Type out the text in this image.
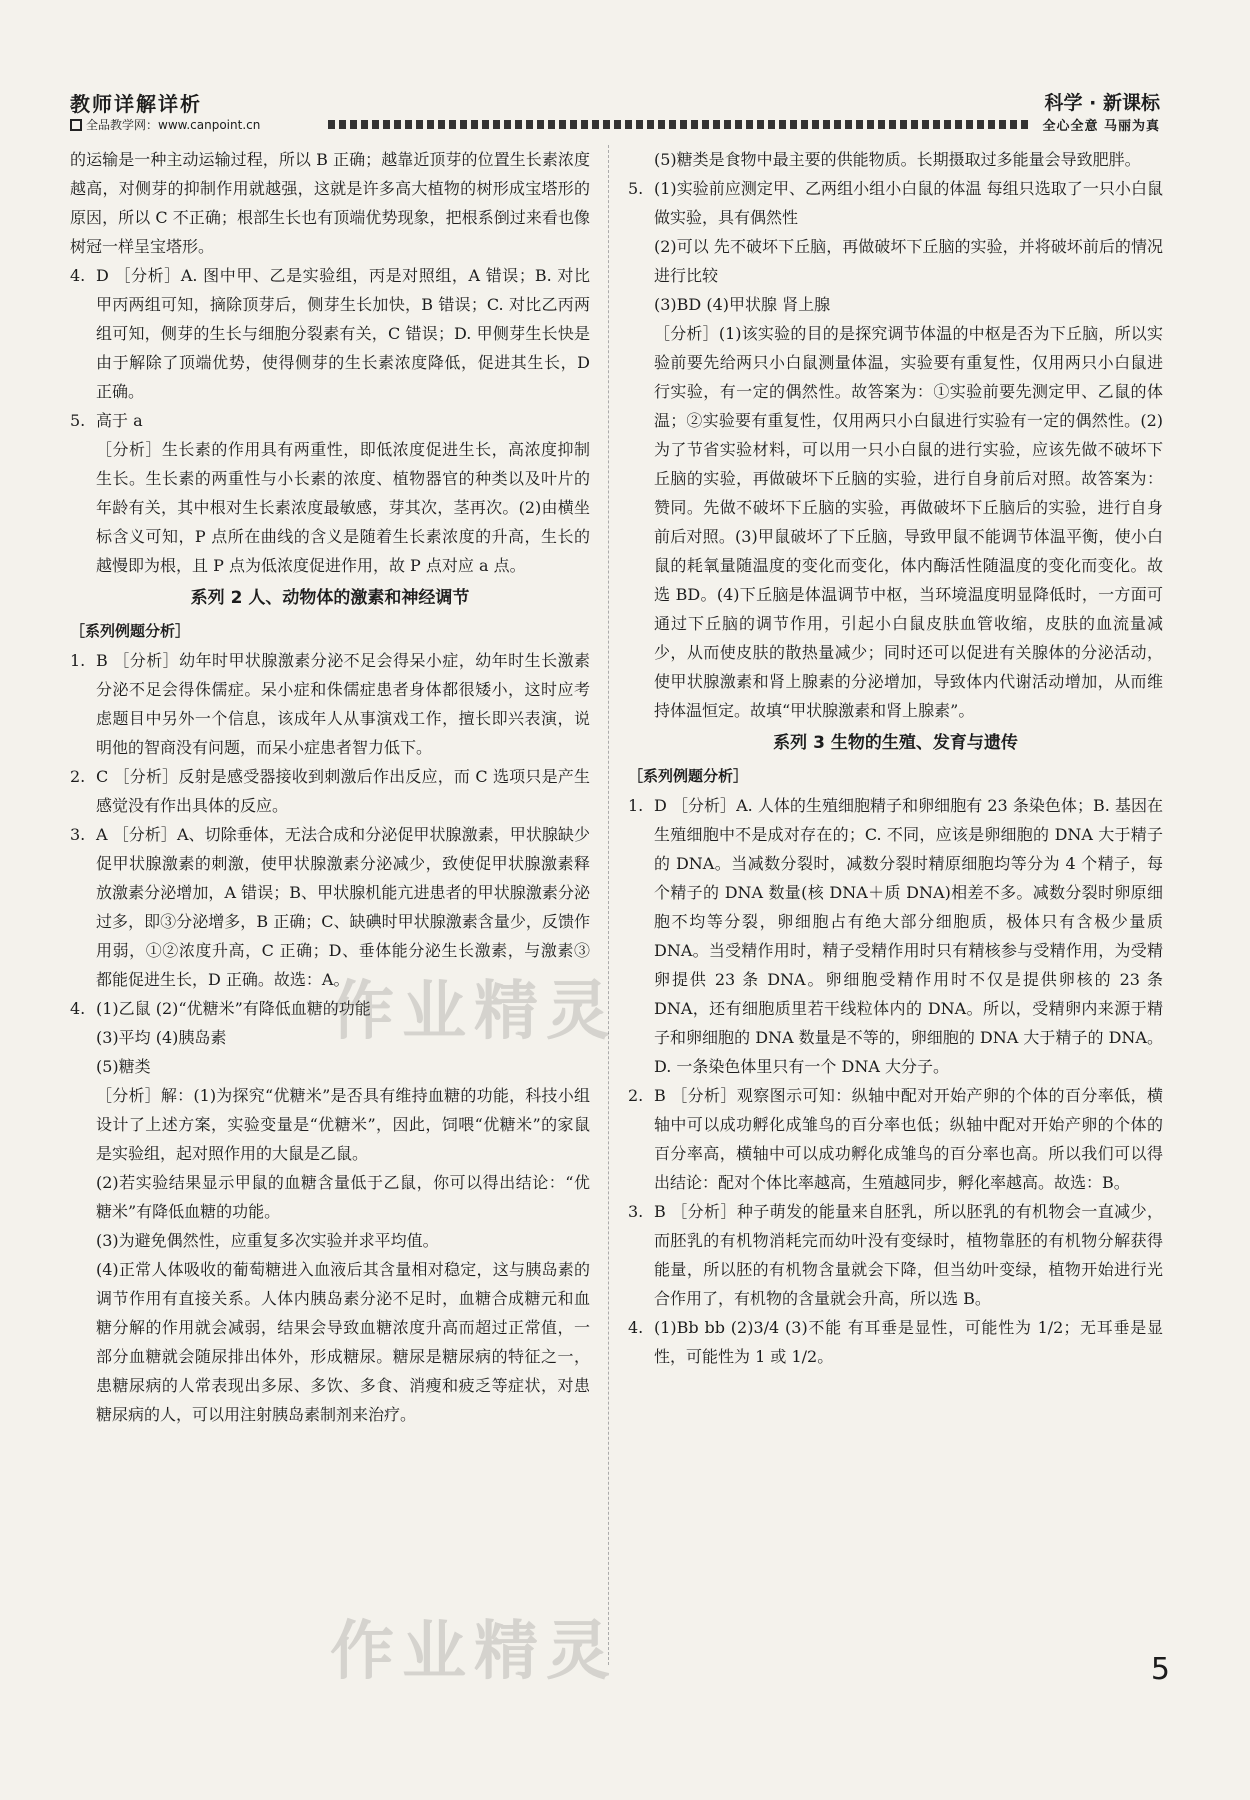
教师详解详析
全品教学网：www.canpoint.cn
科学 · 新课标
全心全意 马丽为真

的运输是一种主动运输过程，所以 B 正确；越靠近顶芽的位置生长素浓度越高，对侧芽的抑制作用就越强，这就是许多高大植物的树形成宝塔形的原因，所以 C 不正确；根部生长也有顶端优势现象，把根系倒过来看也像树冠一样呈宝塔形。

4. D ［分析］A. 图中甲、乙是实验组，丙是对照组，A 错误；B. 对比甲丙两组可知，摘除顶芽后，侧芽生长加快，B 错误；C. 对比乙丙两组可知，侧芽的生长与细胞分裂素有关，C 错误；D. 甲侧芽生长快是由于解除了顶端优势，使得侧芽的生长素浓度降低，促进其生长，D 正确。
5. 高于 a

［分析］生长素的作用具有两重性，即低浓度促进生长，高浓度抑制生长。生长素的两重性与小长素的浓度、植物器官的种类以及叶片的年龄有关，其中根对生长素浓度最敏感，芽其次，茎再次。(2)由横坐标含义可知，P 点所在曲线的含义是随着生长素浓度的升高，生长的越慢即为根，且 P 点为低浓度促进作用，故 P 点对应 a 点。

系列 2 人、动物体的激素和神经调节
［系列例题分析］
1. B ［分析］幼年时甲状腺激素分泌不足会得呆小症，幼年时生长激素分泌不足会得侏儒症。呆小症和侏儒症患者身体都很矮小，这时应考虑题目中另外一个信息，该成年人从事演戏工作，擅长即兴表演，说明他的智商没有问题，而呆小症患者智力低下。
2. C ［分析］反射是感受器接收到刺激后作出反应，而 C 选项只是产生感觉没有作出具体的反应。
3. A ［分析］A、切除垂体，无法合成和分泌促甲状腺激素，甲状腺缺少促甲状腺激素的刺激，使甲状腺激素分泌减少，致使促甲状腺激素释放激素分泌增加，A 错误；B、甲状腺机能亢进患者的甲状腺激素分泌过多，即③分泌增多，B 正确；C、缺碘时甲状腺激素含量少，反馈作用弱，①②浓度升高，C 正确；D、垂体能分泌生长激素，与激素③都能促进生长，D 正确。故选：A。
4. (1)乙鼠 (2)“优糖米”有降低血糖的功能

(3)平均 (4)胰岛素

(5)糖类

［分析］解：(1)为探究“优糖米”是否具有维持血糖的功能，科技小组设计了上述方案，实验变量是“优糖米”，因此，饲喂“优糖米”的家鼠是实验组，起对照作用的大鼠是乙鼠。

(2)若实验结果显示甲鼠的血糖含量低于乙鼠，你可以得出结论：“优糖米”有降低血糖的功能。

(3)为避免偶然性，应重复多次实验并求平均值。

(4)正常人体吸收的葡萄糖进入血液后其含量相对稳定，这与胰岛素的调节作用有直接关系。人体内胰岛素分泌不足时，血糖合成糖元和血糖分解的作用就会减弱，结果会导致血糖浓度升高而超过正常值，一部分血糖就会随尿排出体外，形成糖尿。糖尿是糖尿病的特征之一，患糖尿病的人常表现出多尿、多饮、多食、消瘦和疲乏等症状，对患糖尿病的人，可以用注射胰岛素制剂来治疗。

(5)糖类是食物中最主要的供能物质。长期摄取过多能量会导致肥胖。

5. (1)实验前应测定甲、乙两组小组小白鼠的体温 每组只选取了一只小白鼠做实验，具有偶然性

(2)可以 先不破坏下丘脑，再做破坏下丘脑的实验，并将破坏前后的情况进行比较

(3)BD (4)甲状腺 肾上腺

［分析］(1)该实验的目的是探究调节体温的中枢是否为下丘脑，所以实验前要先给两只小白鼠测量体温，实验要有重复性，仅用两只小白鼠进行实验，有一定的偶然性。故答案为：①实验前要先测定甲、乙鼠的体温；②实验要有重复性，仅用两只小白鼠进行实验有一定的偶然性。(2)为了节省实验材料，可以用一只小白鼠的进行实验，应该先做不破坏下丘脑的实验，再做破坏下丘脑的实验，进行自身前后对照。故答案为：赞同。先做不破坏下丘脑的实验，再做破坏下丘脑后的实验，进行自身前后对照。(3)甲鼠破坏了下丘脑，导致甲鼠不能调节体温平衡，使小白鼠的耗氧量随温度的变化而变化，体内酶活性随温度的变化而变化。故选 BD。(4)下丘脑是体温调节中枢，当环境温度明显降低时，一方面可通过下丘脑的调节作用，引起小白鼠皮肤血管收缩，皮肤的血流量减少，从而使皮肤的散热量减少；同时还可以促进有关腺体的分泌活动，使甲状腺激素和肾上腺素的分泌增加，导致体内代谢活动增加，从而维持体温恒定。故填“甲状腺激素和肾上腺素”。

系列 3 生物的生殖、发育与遗传
［系列例题分析］
1. D ［分析］A. 人体的生殖细胞精子和卵细胞有 23 条染色体；B. 基因在生殖细胞中不是成对存在的；C. 不同，应该是卵细胞的 DNA 大于精子的 DNA。当减数分裂时，减数分裂时精原细胞均等分为 4 个精子，每个精子的 DNA 数量(核 DNA＋质 DNA)相差不多。减数分裂时卵原细胞不均等分裂，卵细胞占有绝大部分细胞质，极体只有含极少量质 DNA。当受精作用时，精子受精作用时只有精核参与受精作用，为受精卵提供 23 条 DNA。卵细胞受精作用时不仅是提供卵核的 23 条 DNA，还有细胞质里若干线粒体内的 DNA。所以，受精卵内来源于精子和卵细胞的 DNA 数量是不等的，卵细胞的 DNA 大于精子的 DNA。D. 一条染色体里只有一个 DNA 大分子。
2. B ［分析］观察图示可知：纵轴中配对开始产卵的个体的百分率低，横轴中可以成功孵化成雏鸟的百分率也低；纵轴中配对开始产卵的个体的百分率高，横轴中可以成功孵化成雏鸟的百分率也高。所以我们可以得出结论：配对个体比率越高，生殖越同步，孵化率越高。故选：B。
3. B ［分析］种子萌发的能量来自胚乳，所以胚乳的有机物会一直减少，而胚乳的有机物消耗完而幼叶没有变绿时，植物靠胚的有机物分解获得能量，所以胚的有机物含量就会下降，但当幼叶变绿，植物开始进行光合作用了，有机物的含量就会升高，所以选 B。
4. (1)Bb bb (2)3/4 (3)不能 有耳垂是显性，可能性为 1/2；无耳垂是显性，可能性为 1 或 1/2。
5
作业精灵
作业精灵
